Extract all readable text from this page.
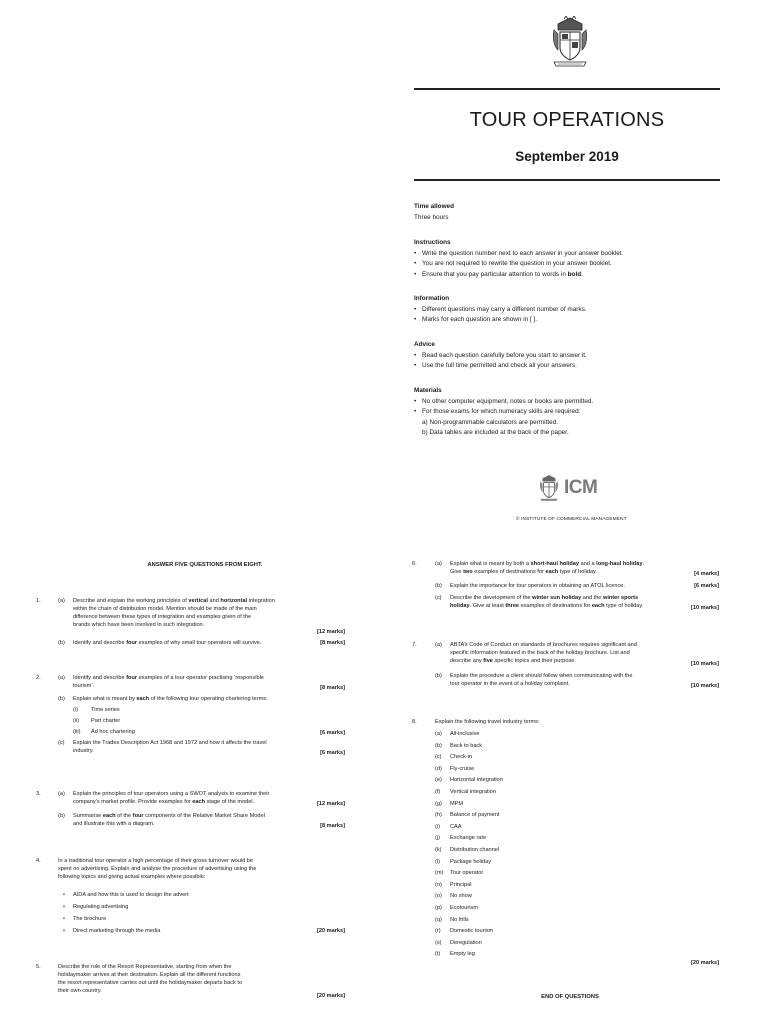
TOUR OPERATIONS
September 2019
Time allowed
Three hours
Instructions
• Write the question number next to each answer in your answer booklet.
• You are not required to rewrite the question in your answer booklet.
• Ensure that you pay particular attention to words in bold.
Information
• Different questions may carry a different number of marks.
• Marks for each question are shown in [ ].
Advice
• Read each question carefully before you start to answer it.
• Use the full time permitted and check all your answers.
Materials
• No other computer equipment, notes or books are permitted.
• For those exams for which numeracy skills are required:
a) Non-programmable calculators are permitted.
b) Data tables are included at the back of the paper.
ICM
© INSTITUTE OF COMMERCIAL MANAGEMENT
ANSWER FIVE QUESTIONS FROM EIGHT.
1.	(a) Describe and explain the working principles of vertical and horizontal integration
within the chain of distribution model. Mention should be made of the main
difference between these types of integration and examples given of the
brands which have been involved in such integration.
[12 marks]
(b) Identify and describe four examples of why small tour operators will survive.	[8 marks]
2.	(a) Identify and describe four examples of a tour operator practising ‘responsible
tourism’.	[8 marks]
(b) Explain what is meant by each of the following tour operating chartering terms:
(i) Time series
(ii) Part charter
(iii) Ad hoc chartering	[6 marks]
(c) Explain the Trades Description Act 1968 and 1972 and how it affects the travel
industry.	[6 marks]
3.	(a) Explain the principles of tour operators using a SWOT analysis to examine their
company’s market profile. Provide examples for each stage of the model.	[12 marks]
(b) Summarise each of the four components of the Relative Market Share Model
and illustrate this with a diagram.	[8 marks]
4.	In a traditional tour operator a high percentage of their gross turnover would be
spent on advertising. Explain and analyse the procedure of advertising using the
following topics and giving actual examples where possible:
• AIDA and how this is used to design the advert
• Regulating advertising
• The brochure
• Direct marketing through the media	[20 marks]
5.	Describe the role of the Resort Representative, starting from when the
holidaymaker arrives at their destination. Explain all the different functions
the resort representative carries out until the holidaymaker departs back to
their own country.
[20 marks]
6.	(a) Explain what is meant by both a short-haul holiday and a long-haul holiday.
Give two examples of destinations for each type of holiday.	[4 marks]
(b) Explain the importance for tour operators in obtaining an ATOL licence.	[6 marks]
(c) Describe the development of the winter sun holiday and the winter sports
holiday. Give at least three examples of destinations for each type of holiday.	[10 marks]
7.	(a) ABTA’s Code of Conduct on standards of brochures requires significant and
specific information featured in the back of the holiday brochure. List and
describe any five specific topics and their purpose.
[10 marks]
(b) Explain the procedure a client should follow when communicating with the
tour operator in the event of a holiday complaint.	[10 marks]
8.	Explain the following travel industry terms:
(a) All-inclusive
(b) Back to back
(c) Check-in
(d) Fly-cruise
(e) Horizontal integration
(f) Vertical integration
(g) MPM
(h) Balance of payment
(i) CAA
(j) Exchange rate
(k) Distribution channel
(l) Package holiday
(m) Tour operator
(n) Principal
(o) No show
(p) Ecotourism
(q) No frills
(r) Domestic tourism
(s) Deregulation
(t) Empty leg
[20 marks]
END OF QUESTIONS
